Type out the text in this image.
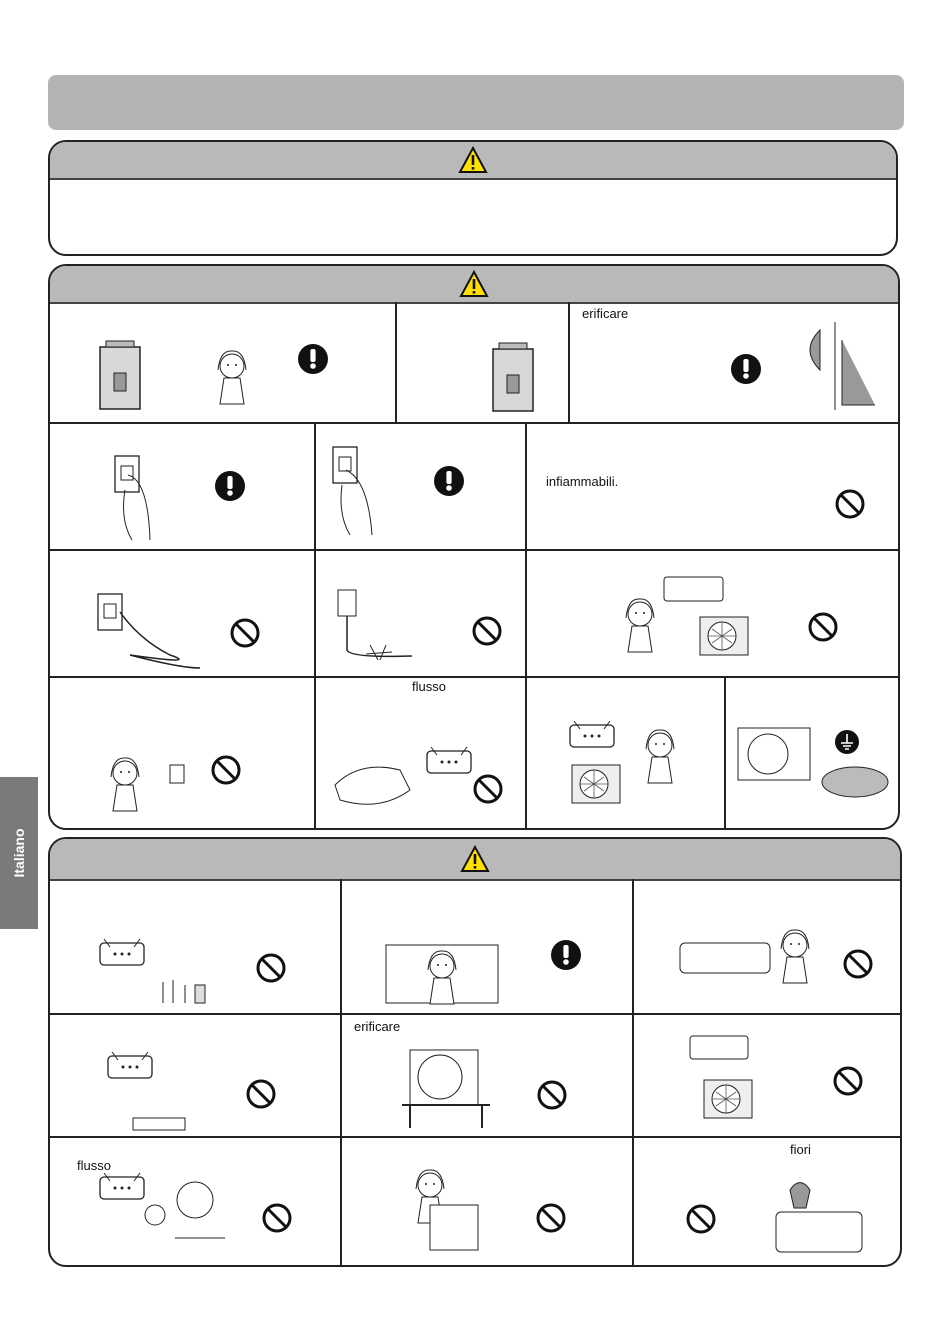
erificare
infiammabili.
flusso
erificare
flusso
fiori
Italiano
